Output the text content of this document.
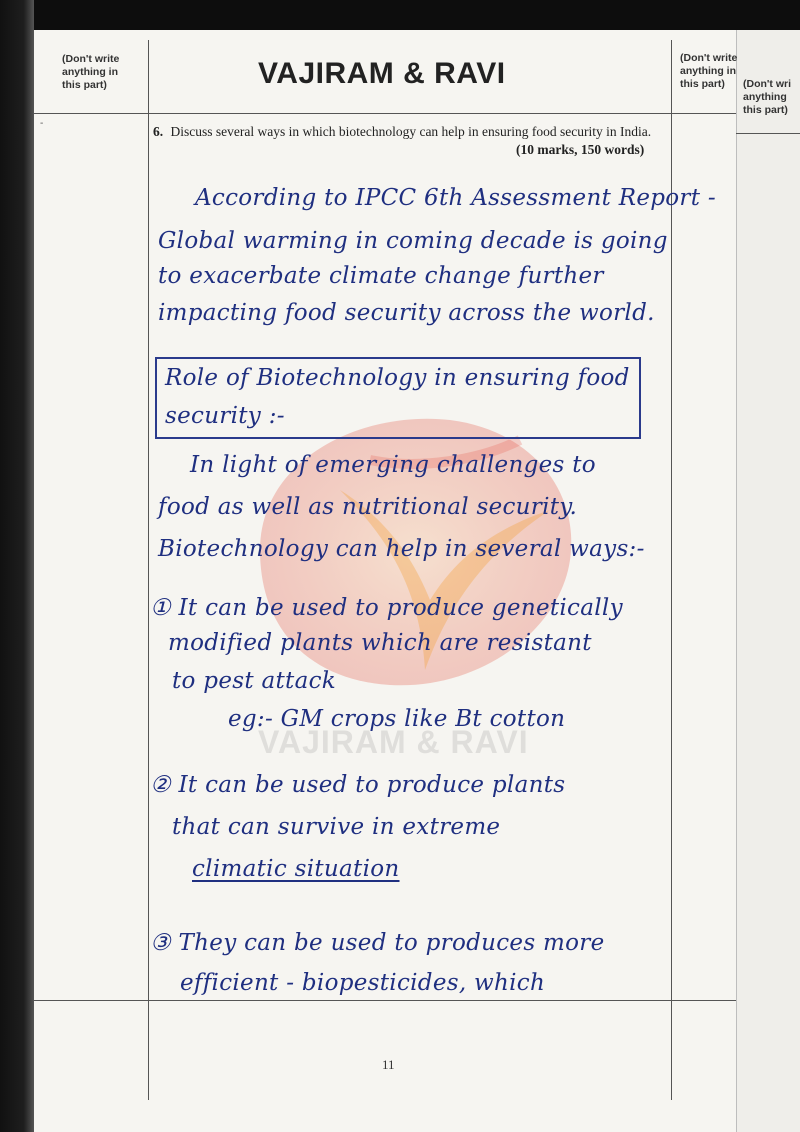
VAJIRAM & RAVI
-
(Don't write
anything in
this part)
(Don't write
anything in
this part)	(Don't wri
anything
this part)
VAJIRAM & RAVI
6. Discuss several ways in which biotechnology can help in ensuring food security in India.
(10 marks, 150 words)
According to IPCC 6th Assessment Report -
Global warming in coming decade is going
to exacerbate climate change further
impacting food security across the world.
Role of Biotechnology in ensuring food
security :-
In light of emerging challenges to
food as well as nutritional security.
Biotechnology can help in several ways:-
① It can be used to produce genetically
modified plants which are resistant
to pest attack
eg:- GM crops like Bt cotton
② It can be used to produce plants
that can survive in extreme
climatic situation
③ They can be used to produces more
efficient - biopesticides, which
11
